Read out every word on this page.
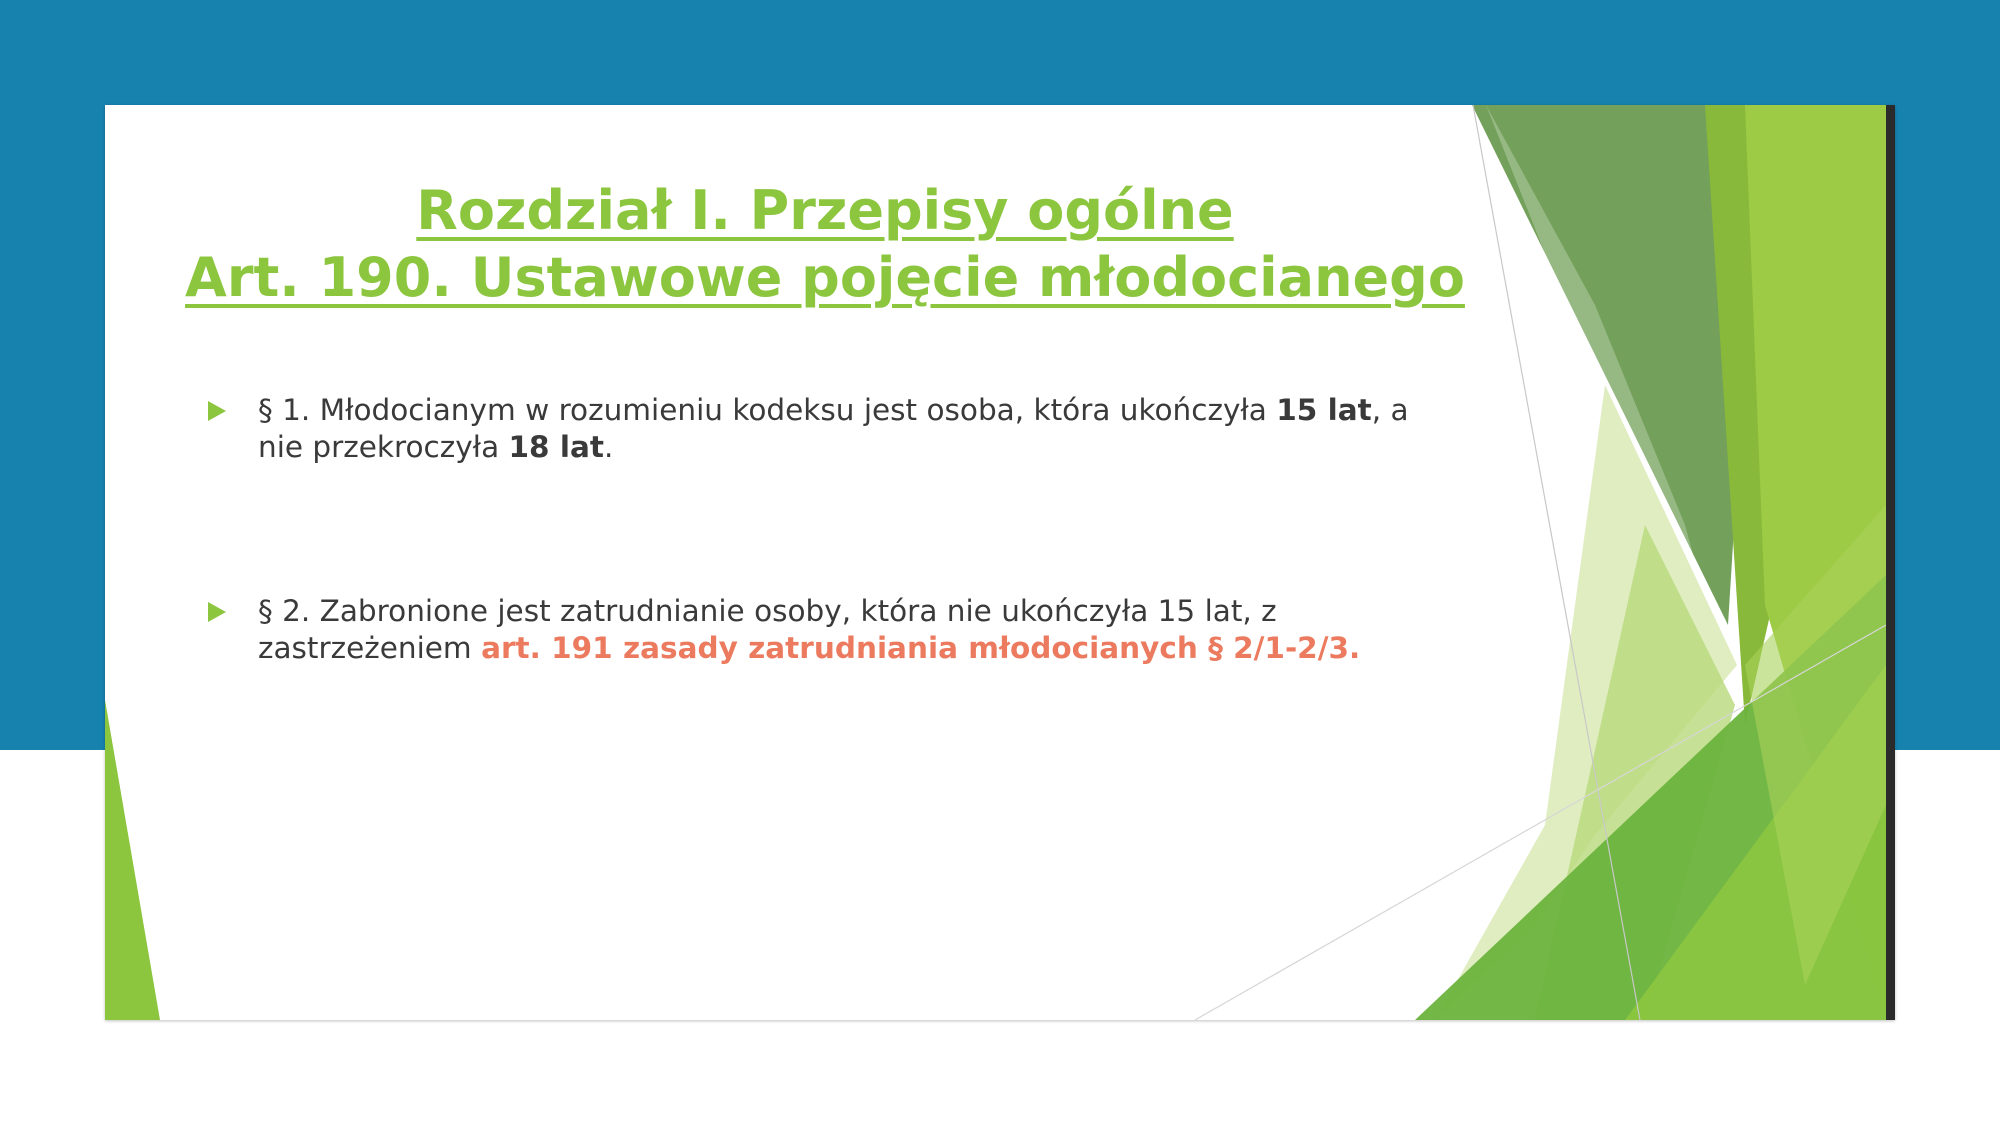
Rozdział I. Przepisy ogólne
Art. 190. Ustawowe pojęcie młodocianego
§ 1. Młodocianym w rozumieniu kodeksu jest osoba, która ukończyła 15 lat, a nie przekroczyła 18 lat.
§ 2. Zabronione jest zatrudnianie osoby, która nie ukończyła 15 lat, z zastrzeżeniem art. 191 zasady zatrudniania młodocianych § 2/1-2/3.
